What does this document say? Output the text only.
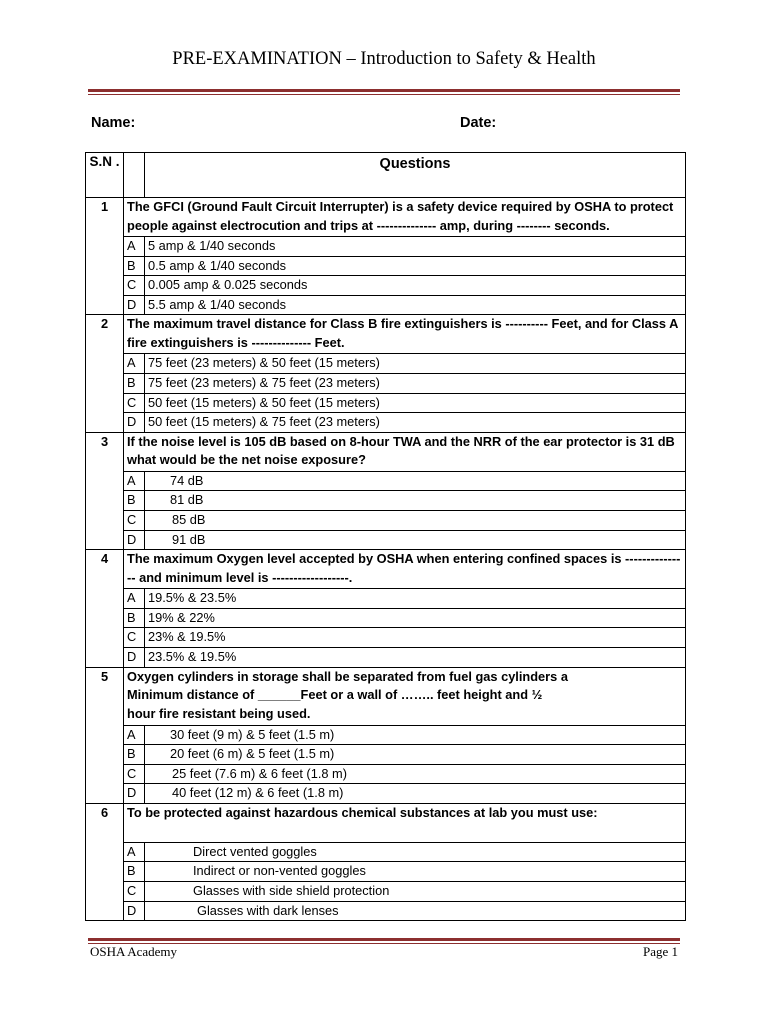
PRE-EXAMINATION – Introduction to Safety & Health
Name:	Date:
S.N .		Questions
1	The GFCI (Ground Fault Circuit Interrupter) is a safety device required by OSHA to protect people against electrocution and trips at -------------- amp, during -------- seconds.	
	A	5 amp & 1/40 seconds
	B	0.5 amp & 1/40 seconds
	C	0.005 amp & 0.025 seconds
	D	5.5 amp & 1/40 seconds
2	The maximum travel distance for Class B fire extinguishers is ---------- Feet, and for Class A fire extinguishers is -------------- Feet.	
	A	75 feet (23 meters) & 50 feet (15 meters)
	B	75 feet (23 meters) & 75 feet (23 meters)
	C	50 feet (15 meters) & 50 feet (15 meters)
	D	50 feet (15 meters) & 75 feet (23 meters)
3	If the noise level is 105 dB based on 8-hour TWA and the NRR of the ear protector is 31 dB what would be the net noise exposure?	
	A	74 dB
	B	81 dB
	C	85 dB
	D	91 dB
4	The maximum Oxygen level accepted by OSHA when entering confined spaces is --------------- and minimum level is ------------------.	
	A	19.5% & 23.5%
	B	19% & 22%
	C	23% & 19.5%
	D	23.5% & 19.5%
5	Oxygen cylinders in storage shall be separated from fuel gas cylinders a
Minimum distance of ______Feet or a wall of …….. feet height and ½
hour fire resistant being used.	

	A	30 feet (9 m) & 5 feet (1.5 m)
	B	20 feet (6 m) & 5 feet (1.5 m)
	C	25 feet (7.6 m) & 6 feet (1.8 m)
	D	40 feet (12 m) & 6 feet (1.8 m)
6	To be protected against hazardous chemical substances at lab you must use:	
	A	Direct vented goggles
	B	Indirect or non-vented goggles
	C	Glasses with side shield protection
	D	Glasses with dark lenses
OSHA Academy	Page 1
